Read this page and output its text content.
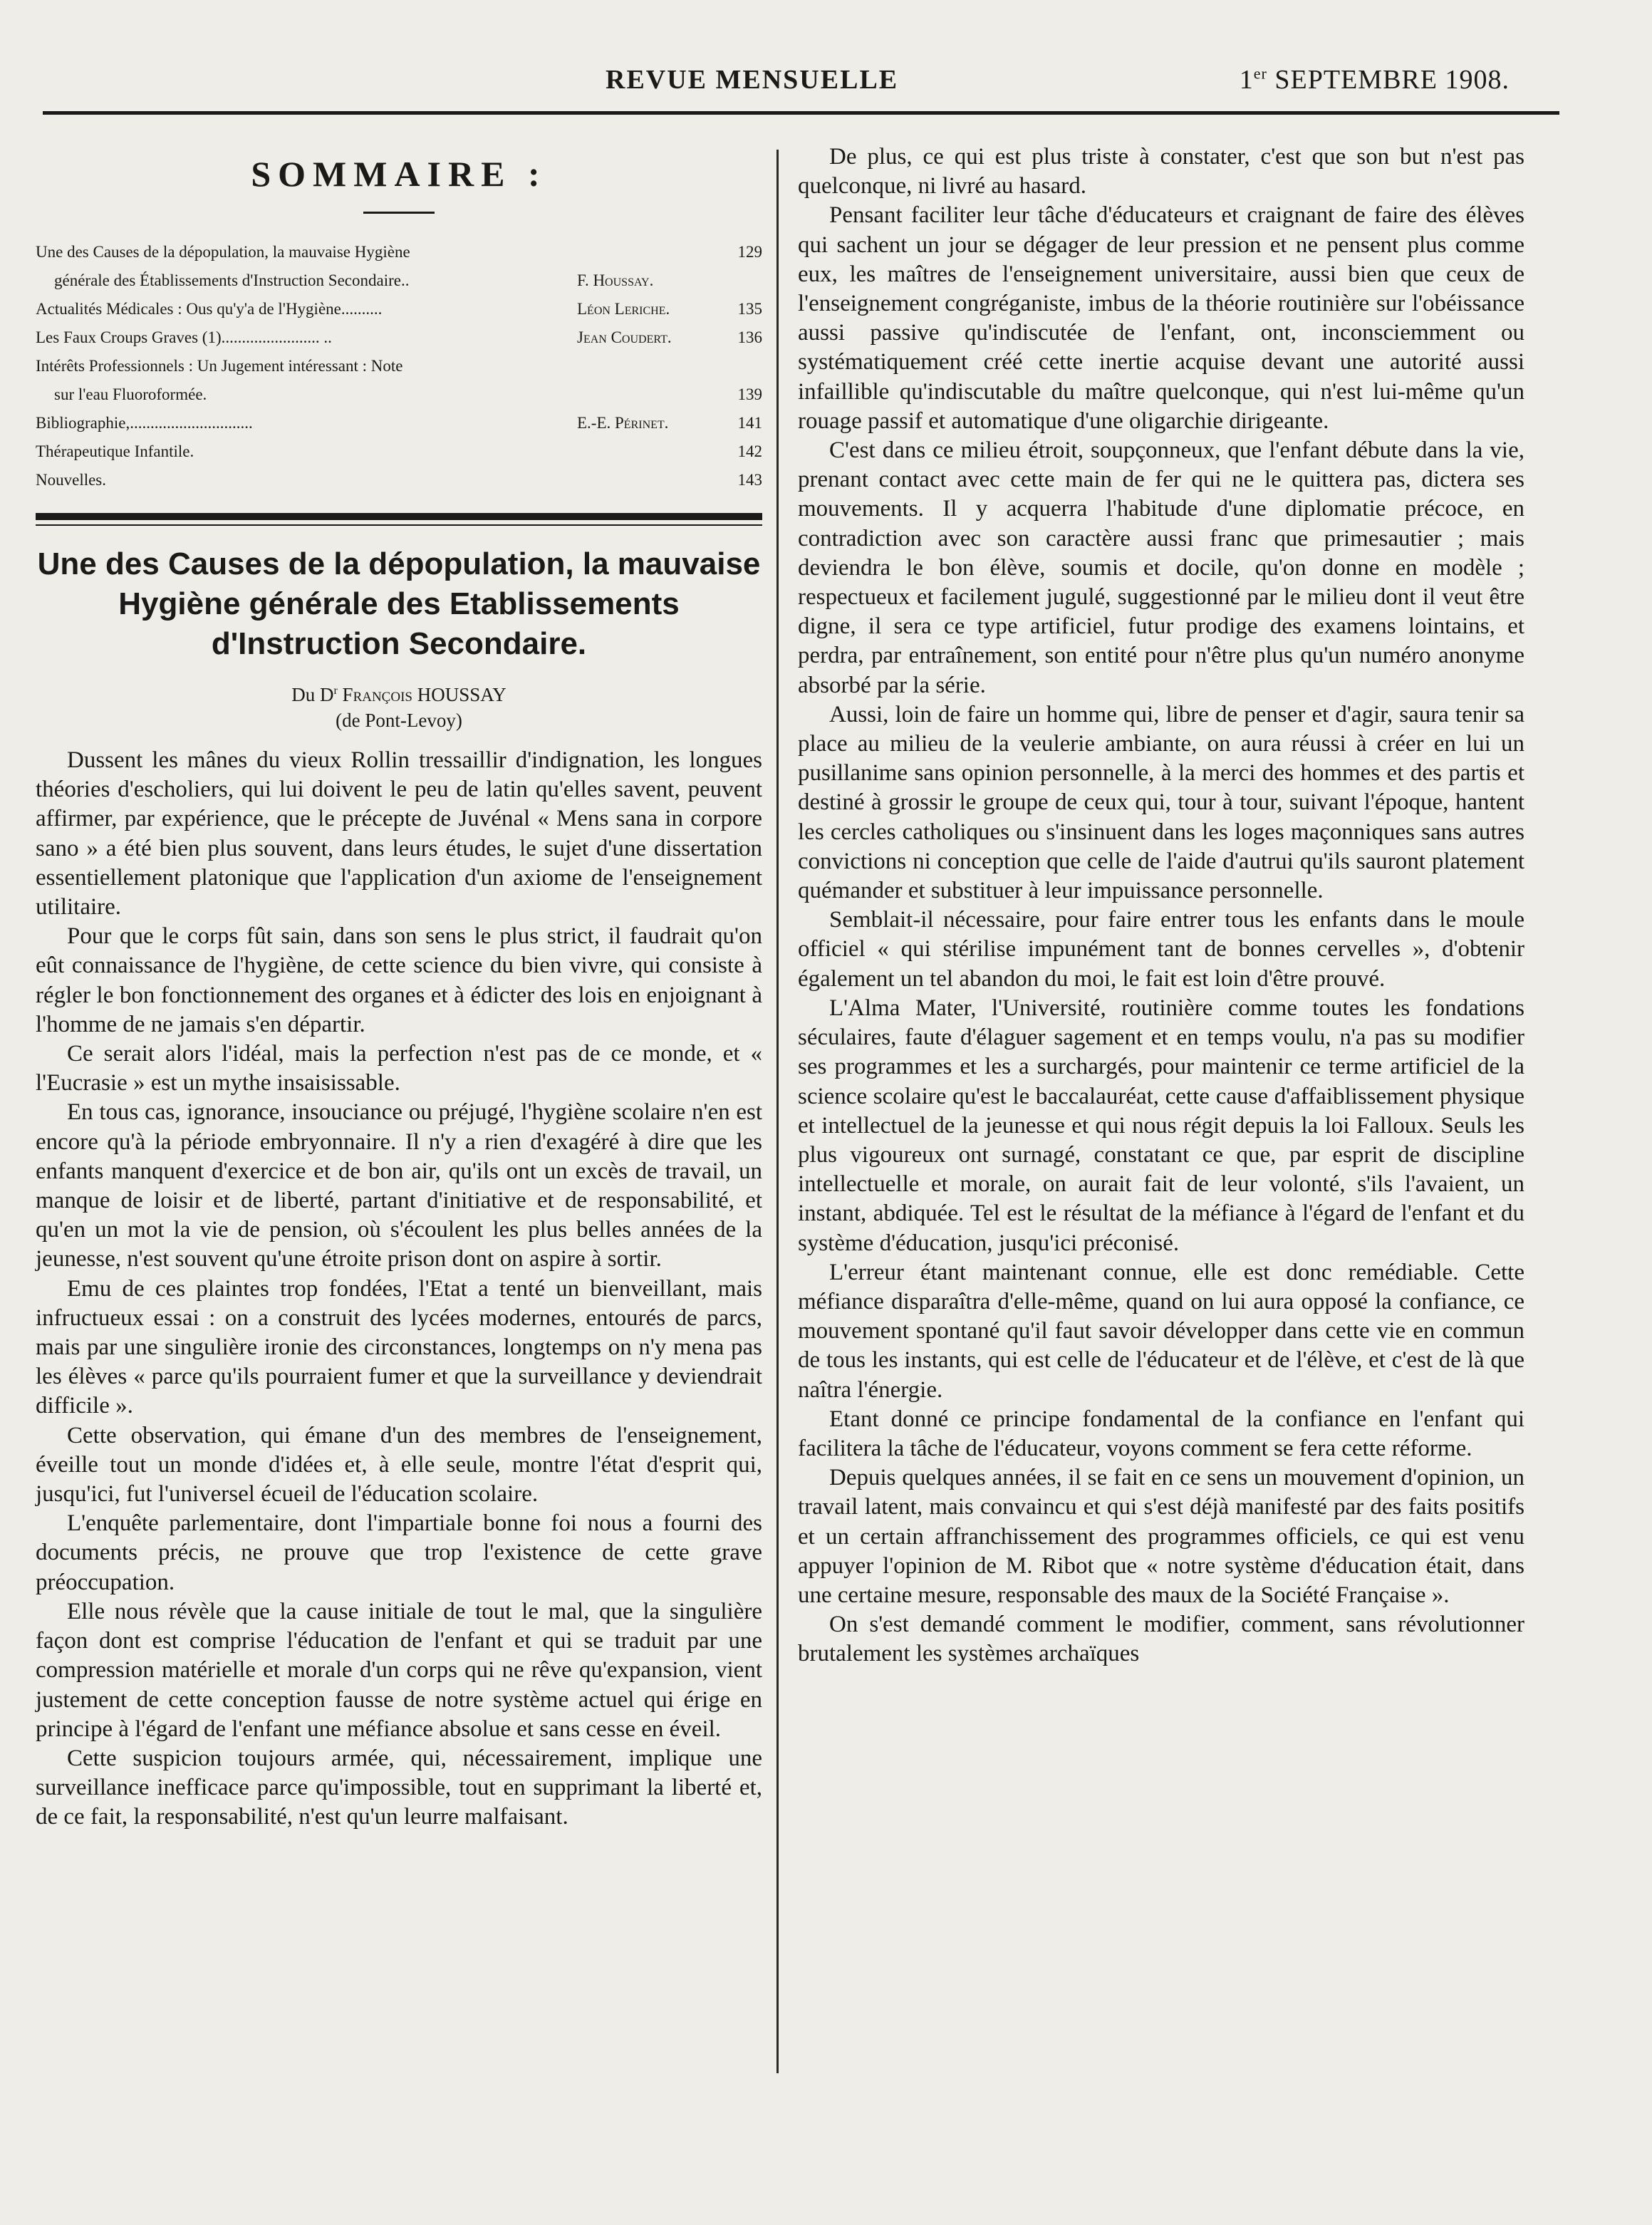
REVUE MENSUELLE	1er SEPTEMBRE 1908.
SOMMAIRE :
Une des Causes de la dépopulation, la mauvaise Hygiène	129
générale des Établissements d'Instruction Secondaire..	F. Houssay.
Actualités Médicales : Ous qu'y'a de l'Hygiène..........	Léon Leriche.	135
Les Faux Croups Graves (1)........................ ..	Jean Coudert.	136
Intérêts Professionnels : Un Jugement intéressant : Note
sur l'eau Fluoroformée.	139
Bibliographie,..............................	E.-E. Périnet.	141
Thérapeutique Infantile.	142
Nouvelles.	143
Une des Causes de la dépopulation, la mauvaise Hygiène générale des Etablissements d'Instruction Secondaire.
Du $D^r$ François HOUSSAY
(de Pont-Levoy)

Dussent les mânes du vieux Rollin tressaillir d'indignation, les longues théories d'escholiers, qui lui doivent le peu de latin qu'elles savent, peuvent affirmer, par expérience, que le précepte de Juvénal « Mens sana in corpore sano » a été bien plus souvent, dans leurs études, le sujet d'une dissertation essentiellement platonique que l'application d'un axiome de l'enseignement utilitaire.

Pour que le corps fût sain, dans son sens le plus strict, il faudrait qu'on eût connaissance de l'hygiène, de cette science du bien vivre, qui consiste à régler le bon fonctionnement des organes et à édicter des lois en enjoignant à l'homme de ne jamais s'en départir.

Ce serait alors l'idéal, mais la perfection n'est pas de ce monde, et « l'Eucrasie » est un mythe insaisissable.

En tous cas, ignorance, insouciance ou préjugé, l'hygiène scolaire n'en est encore qu'à la période embryonnaire. Il n'y a rien d'exagéré à dire que les enfants manquent d'exercice et de bon air, qu'ils ont un excès de travail, un manque de loisir et de liberté, partant d'initiative et de responsabilité, et qu'en un mot la vie de pension, où s'écoulent les plus belles années de la jeunesse, n'est souvent qu'une étroite prison dont on aspire à sortir.

Emu de ces plaintes trop fondées, l'Etat a tenté un bienveillant, mais infructueux essai : on a construit des lycées modernes, entourés de parcs, mais par une singulière ironie des circonstances, longtemps on n'y mena pas les élèves « parce qu'ils pourraient fumer et que la surveillance y deviendrait difficile ».

Cette observation, qui émane d'un des membres de l'enseignement, éveille tout un monde d'idées et, à elle seule, montre l'état d'esprit qui, jusqu'ici, fut l'universel écueil de l'éducation scolaire.

L'enquête parlementaire, dont l'impartiale bonne foi nous a fourni des documents précis, ne prouve que trop l'existence de cette grave préoccupation.

Elle nous révèle que la cause initiale de tout le mal, que la singulière façon dont est comprise l'éducation de l'enfant et qui se traduit par une compression matérielle et morale d'un corps qui ne rêve qu'expansion, vient justement de cette conception fausse de notre système actuel qui érige en principe à l'égard de l'enfant une méfiance absolue et sans cesse en éveil.

Cette suspicion toujours armée, qui, nécessairement, implique une surveillance inefficace parce qu'impossible, tout en supprimant la liberté et, de ce fait, la responsabilité, n'est qu'un leurre malfaisant.

De plus, ce qui est plus triste à constater, c'est que son but n'est pas quelconque, ni livré au hasard.

Pensant faciliter leur tâche d'éducateurs et craignant de faire des élèves qui sachent un jour se dégager de leur pression et ne pensent plus comme eux, les maîtres de l'enseignement universitaire, aussi bien que ceux de l'enseignement congréganiste, imbus de la théorie routinière sur l'obéissance aussi passive qu'indiscutée de l'enfant, ont, inconsciemment ou systématiquement créé cette inertie acquise devant une autorité aussi infaillible qu'indiscutable du maître quelconque, qui n'est lui-même qu'un rouage passif et automatique d'une oligarchie dirigeante.

C'est dans ce milieu étroit, soupçonneux, que l'enfant débute dans la vie, prenant contact avec cette main de fer qui ne le quittera pas, dictera ses mouvements. Il y acquerra l'habitude d'une diplomatie précoce, en contradiction avec son caractère aussi franc que primesautier ; mais deviendra le bon élève, soumis et docile, qu'on donne en modèle ; respectueux et facilement jugulé, suggestionné par le milieu dont il veut être digne, il sera ce type artificiel, futur prodige des examens lointains, et perdra, par entraînement, son entité pour n'être plus qu'un numéro anonyme absorbé par la série.

Aussi, loin de faire un homme qui, libre de penser et d'agir, saura tenir sa place au milieu de la veulerie ambiante, on aura réussi à créer en lui un pusillanime sans opinion personnelle, à la merci des hommes et des partis et destiné à grossir le groupe de ceux qui, tour à tour, suivant l'époque, hantent les cercles catholiques ou s'insinuent dans les loges maçonniques sans autres convictions ni conception que celle de l'aide d'autrui qu'ils sauront platement quémander et substituer à leur impuissance personnelle.

Semblait-il nécessaire, pour faire entrer tous les enfants dans le moule officiel « qui stérilise impunément tant de bonnes cervelles », d'obtenir également un tel abandon du moi, le fait est loin d'être prouvé.

L'Alma Mater, l'Université, routinière comme toutes les fondations séculaires, faute d'élaguer sagement et en temps voulu, n'a pas su modifier ses programmes et les a surchargés, pour maintenir ce terme artificiel de la science scolaire qu'est le baccalauréat, cette cause d'affaiblissement physique et intellectuel de la jeunesse et qui nous régit depuis la loi Falloux. Seuls les plus vigoureux ont surnagé, constatant ce que, par esprit de discipline intellectuelle et morale, on aurait fait de leur volonté, s'ils l'avaient, un instant, abdiquée. Tel est le résultat de la méfiance à l'égard de l'enfant et du système d'éducation, jusqu'ici préconisé.

L'erreur étant maintenant connue, elle est donc remédiable. Cette méfiance disparaîtra d'elle-même, quand on lui aura opposé la confiance, ce mouvement spontané qu'il faut savoir développer dans cette vie en commun de tous les instants, qui est celle de l'éducateur et de l'élève, et c'est de là que naîtra l'énergie.

Etant donné ce principe fondamental de la confiance en l'enfant qui facilitera la tâche de l'éducateur, voyons comment se fera cette réforme.

Depuis quelques années, il se fait en ce sens un mouvement d'opinion, un travail latent, mais convaincu et qui s'est déjà manifesté par des faits positifs et un certain affranchissement des programmes officiels, ce qui est venu appuyer l'opinion de M. Ribot que « notre système d'éducation était, dans une certaine mesure, responsable des maux de la Société Française ».

On s'est demandé comment le modifier, comment, sans révolutionner brutalement les systèmes archaïques
